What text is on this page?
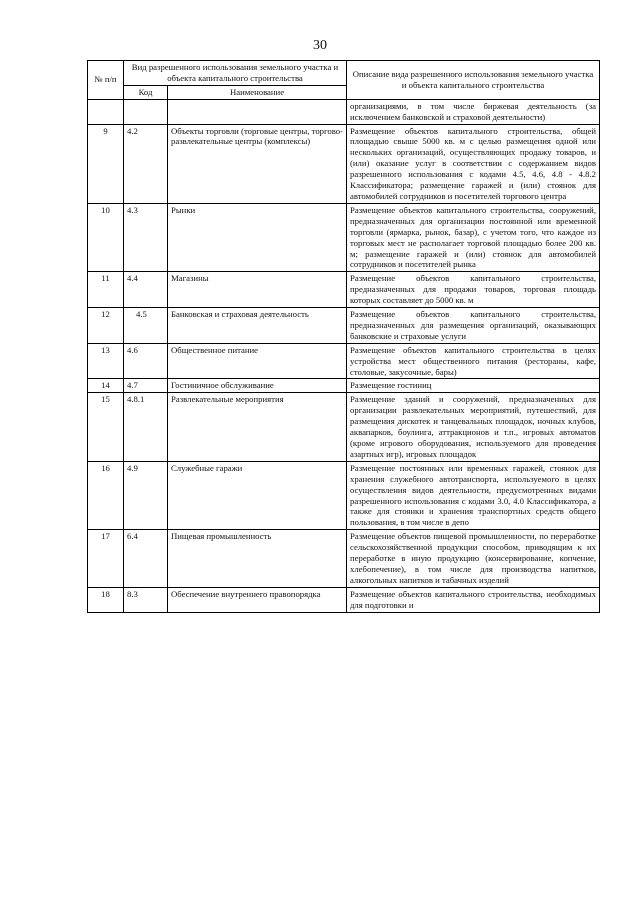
30
№ п/п	Вид разрешенного использования земельного участка и объекта капитального строительства		Описание вида разрешенного использования земельного участка и объекта капитального строительства
	Код	Наименование	
			организациями, в том числе биржевая деятельность (за исключением банковской и страховой деятельности)
9	4.2	Объекты торговли (торговые центры, торгово-развлекательные центры (комплексы)	Размещение объектов капитального строительства, общей площадью свыше 5000 кв. м с целью размещения одной или нескольких организаций, осуществляющих продажу товаров, и (или) оказание услуг в соответствии с содержанием видов разрешенного использования с кодами 4.5, 4.6, 4.8 - 4.8.2 Классификатора; размещение гаражей и (или) стоянок для автомобилей сотрудников и посетителей торгового центра
10	4.3	Рынки	Размещение объектов капитального строительства, сооружений, предназначенных для организации постоянной или временной торговли (ярмарка, рынок, базар), с учетом того, что каждое из торговых мест не располагает торговой площадью более 200 кв. м; размещение гаражей и (или) стоянок для автомобилей сотрудников и посетителей рынка
11	4.4	Магазины	Размещение объектов капитального строительства, предназначенных для продажи товаров, торговая площадь которых составляет до 5000 кв. м
12	4.5	Банковская и страховая деятельность	Размещение объектов капитального строительства, предназначенных для размещения организаций, оказывающих банковские и страховые услуги
13	4.6	Общественное питание	Размещение объектов капитального строительства в целях устройства мест общественного питания (рестораны, кафе, столовые, закусочные, бары)
14	4.7	Гостиничное обслуживание	Размещение гостиниц
15	4.8.1	Развлекательные мероприятия	Размещение зданий и сооружений, предназначенных для организации развлекательных мероприятий, путешествий, для размещения дискотек и танцевальных площадок, ночных клубов, аквапарков, боулинга, аттракционов и т.п., игровых автоматов (кроме игрового оборудования, используемого для проведения азартных игр), игровых площадок
16	4.9	Служебные гаражи	Размещение постоянных или временных гаражей, стоянок для хранения служебного автотранспорта, используемого в целях осуществления видов деятельности, предусмотренных видами разрешенного использования с кодами 3.0, 4.0 Классификатора, а также для стоянки и хранения транспортных средств общего пользования, в том числе в депо
17	6.4	Пищевая промышленность	Размещение объектов пищевой промышленности, по переработке сельскохозяйственной продукции способом, приводящим к их переработке в иную продукцию (консервирование, копчение, хлебопечение), в том числе для производства напитков, алкогольных напитков и табачных изделий
18	8.3	Обеспечение внутреннего правопорядка	Размещение объектов капитального строительства, необходимых для подготовки и
